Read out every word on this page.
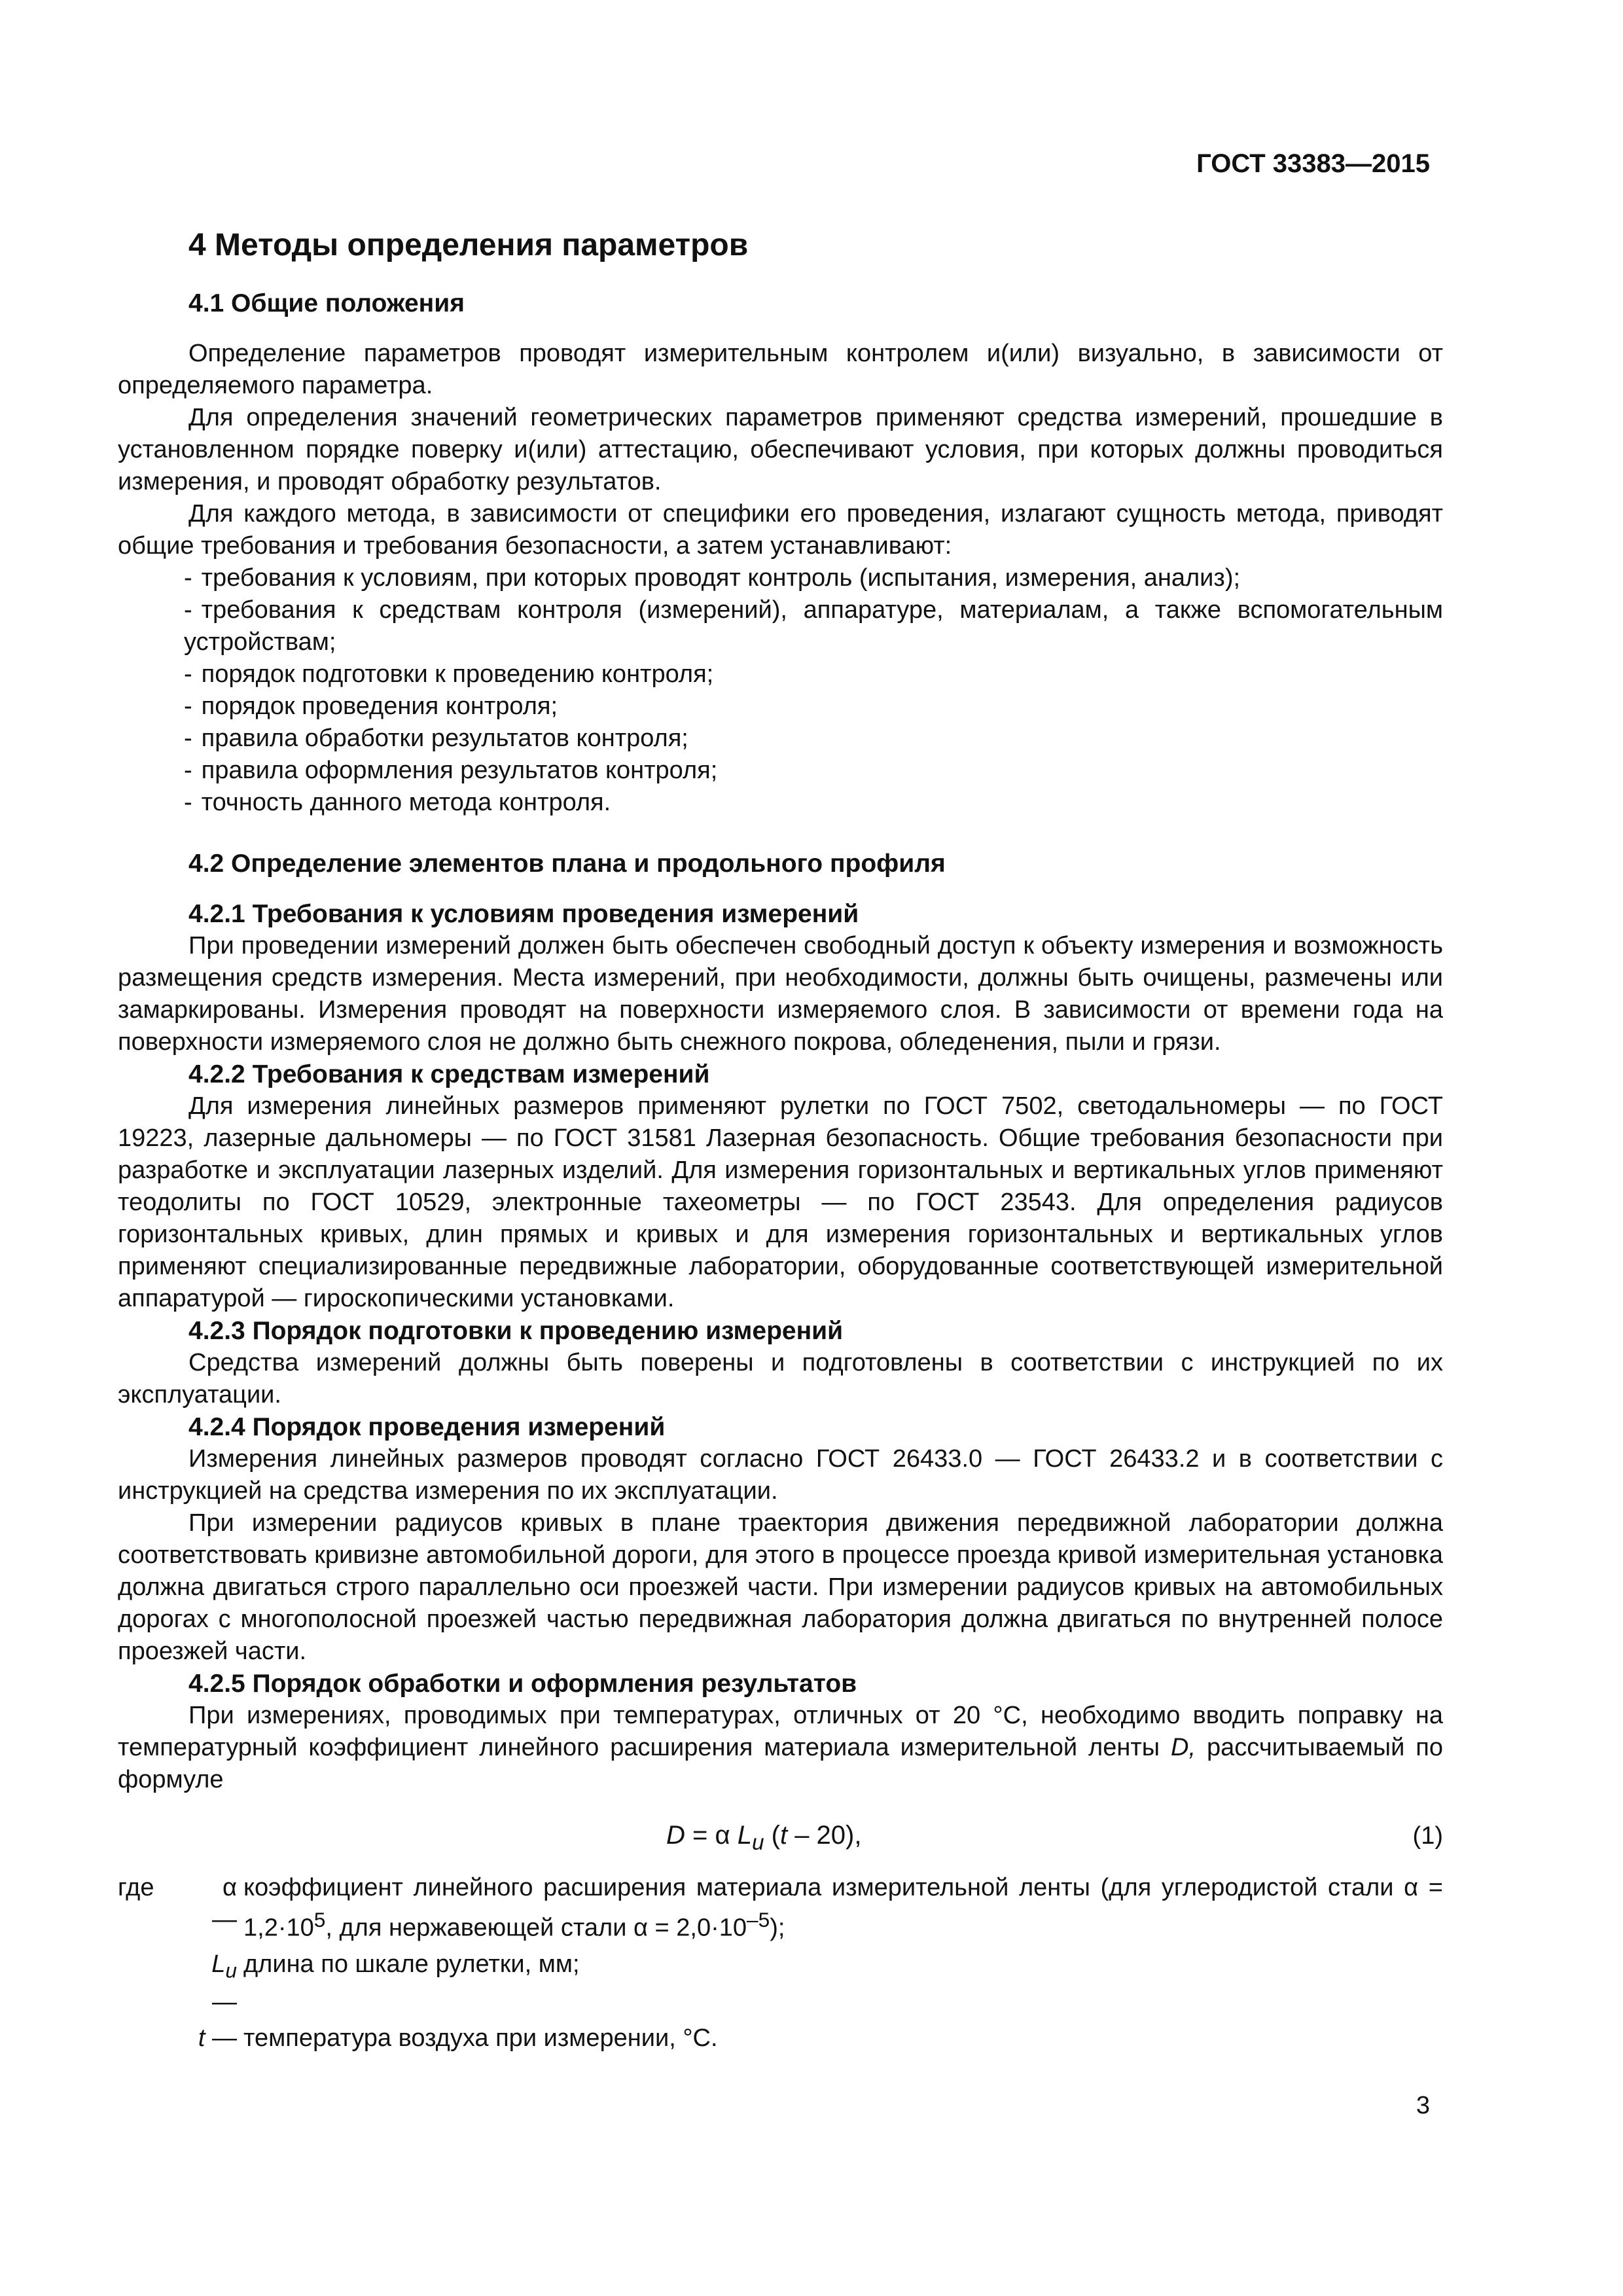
ГОСТ 33383—2015
4 Методы определения параметров
4.1 Общие положения

Определение параметров проводят измерительным контролем и(или) визуально, в зависимости от определяемого параметра.

Для определения значений геометрических параметров применяют средства измерений, прошедшие в установленном порядке поверку и(или) аттестацию, обеспечивают условия, при которых должны проводиться измерения, и проводят обработку результатов.

Для каждого метода, в зависимости от специфики его проведения, излагают сущность метода, приводят общие требования и требования безопасности, а затем устанавливают:

- требования к условиям, при которых проводят контроль (испытания, измерения, анализ);
- требования к средствам контроля (измерений), аппаратуре, материалам, а также вспомогательным устройствам;
- порядок подготовки к проведению контроля;
- порядок проведения контроля;
- правила обработки результатов контроля;
- правила оформления результатов контроля;
- точность данного метода контроля.
4.2 Определение элементов плана и продольного профиля
4.2.1 Требования к условиям проведения измерений

При проведении измерений должен быть обеспечен свободный доступ к объекту измерения и возможность размещения средств измерения. Места измерений, при необходимости, должны быть очищены, размечены или замаркированы. Измерения проводят на поверхности измеряемого слоя. В зависимости от времени года на поверхности измеряемого слоя не должно быть снежного покрова, обледенения, пыли и грязи.

4.2.2 Требования к средствам измерений

Для измерения линейных размеров применяют рулетки по ГОСТ 7502, светодальномеры — по ГОСТ 19223, лазерные дальномеры — по ГОСТ 31581 Лазерная безопасность. Общие требования безопасности при разработке и эксплуатации лазерных изделий. Для измерения горизонтальных и вертикальных углов применяют теодолиты по ГОСТ 10529, электронные тахеометры — по ГОСТ 23543. Для определения радиусов горизонтальных кривых, длин прямых и кривых и для измерения горизонтальных и вертикальных углов применяют специализированные передвижные лаборатории, оборудованные соответствующей измерительной аппаратурой — гироскопическими установками.

4.2.3 Порядок подготовки к проведению измерений

Средства измерений должны быть поверены и подготовлены в соответствии с инструкцией по их эксплуатации.

4.2.4 Порядок проведения измерений

Измерения линейных размеров проводят согласно ГОСТ 26433.0 — ГОСТ 26433.2 и в соответствии с инструкцией на средства измерения по их эксплуатации.

При измерении радиусов кривых в плане траектория движения передвижной лаборатории должна соответствовать кривизне автомобильной дороги, для этого в процессе проезда кривой измерительная установка должна двигаться строго параллельно оси проезжей части. При измерении радиусов кривых на автомобильных дорогах с многополосной проезжей частью передвижная лаборатория должна двигаться по внутренней полосе проезжей части.

4.2.5 Порядок обработки и оформления результатов

При измерениях, проводимых при температурах, отличных от 20 °С, необходимо вводить поправку на температурный коэффициент линейного расширения материала измерительной ленты D, рассчитываемый по формуле

D = α $L_u$ (t – 20),	(1)
где	α —
коэффициент линейного расширения материала измерительной ленты (для углеродистой стали $\alpha = 1,2\cdot 10^5$, для нержавеющей стали $\alpha = 2,0\cdot 10^{-5}$);
$L_u$ —
длина по шкале рулетки, мм;
t — температура воздуха при измерении, °С.
3
